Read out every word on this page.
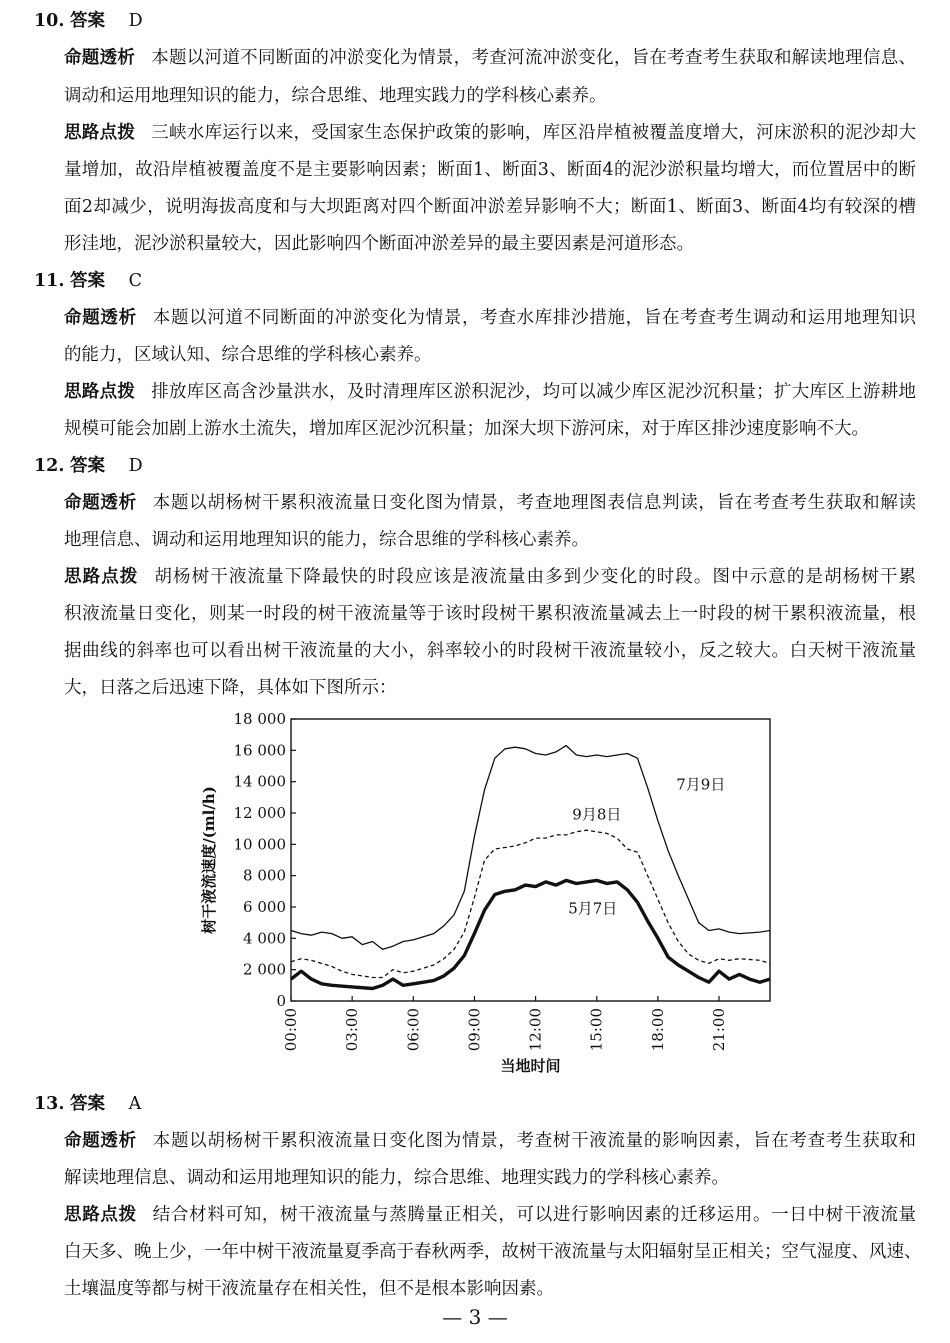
10. 答案 D
命题透析 本题以河道不同断面的冲淤变化为情景，考查河流冲淤变化，旨在考查考生获取和解读地理信息、
调动和运用地理知识的能力，综合思维、地理实践力的学科核心素养。
思路点拨 三峡水库运行以来，受国家生态保护政策的影响，库区沿岸植被覆盖度增大，河床淤积的泥沙却大
量增加，故沿岸植被覆盖度不是主要影响因素；断面1、断面3、断面4的泥沙淤积量均增大，而位置居中的断
面2却减少，说明海拔高度和与大坝距离对四个断面冲淤差异影响不大；断面1、断面3、断面4均有较深的槽
形洼地，泥沙淤积量较大，因此影响四个断面冲淤差异的最主要因素是河道形态。
11. 答案 C
命题透析 本题以河道不同断面的冲淤变化为情景，考查水库排沙措施，旨在考查考生调动和运用地理知识
的能力，区域认知、综合思维的学科核心素养。
思路点拨 排放库区高含沙量洪水，及时清理库区淤积泥沙，均可以减少库区泥沙沉积量；扩大库区上游耕地
规模可能会加剧上游水土流失，增加库区泥沙沉积量；加深大坝下游河床，对于库区排沙速度影响不大。
12. 答案 D
命题透析 本题以胡杨树干累积液流量日变化图为情景，考查地理图表信息判读，旨在考查考生获取和解读
地理信息、调动和运用地理知识的能力，综合思维的学科核心素养。
思路点拨 胡杨树干液流量下降最快的时段应该是液流量由多到少变化的时段。图中示意的是胡杨树干累
积液流量日变化，则某一时段的树干液流量等于该时段树干累积液流量减去上一时段的树干累积液流量，根
据曲线的斜率也可以看出树干液流量的大小，斜率较小的时段树干液流量较小，反之较大。白天树干液流量
大，日落之后迅速下降，具体如下图所示：
0
2 000
4 000
6 000
8 000
10 000
12 000
14 000
16 000
18 000
00:00	03:00	06:00	09:00	12:00	15:00	18:00	21:00
树干液流速度/(ml/h)
当地时间
7月9日
9月8日
5月7日
13. 答案 A
命题透析 本题以胡杨树干累积液流量日变化图为情景，考查树干液流量的影响因素，旨在考查考生获取和
解读地理信息、调动和运用地理知识的能力，综合思维、地理实践力的学科核心素养。
思路点拨 结合材料可知，树干液流量与蒸腾量正相关，可以进行影响因素的迁移运用。一日中树干液流量
白天多、晚上少，一年中树干液流量夏季高于春秋两季，故树干液流量与太阳辐射呈正相关；空气湿度、风速、
土壤温度等都与树干液流量存在相关性，但不是根本影响因素。
— 3 —
